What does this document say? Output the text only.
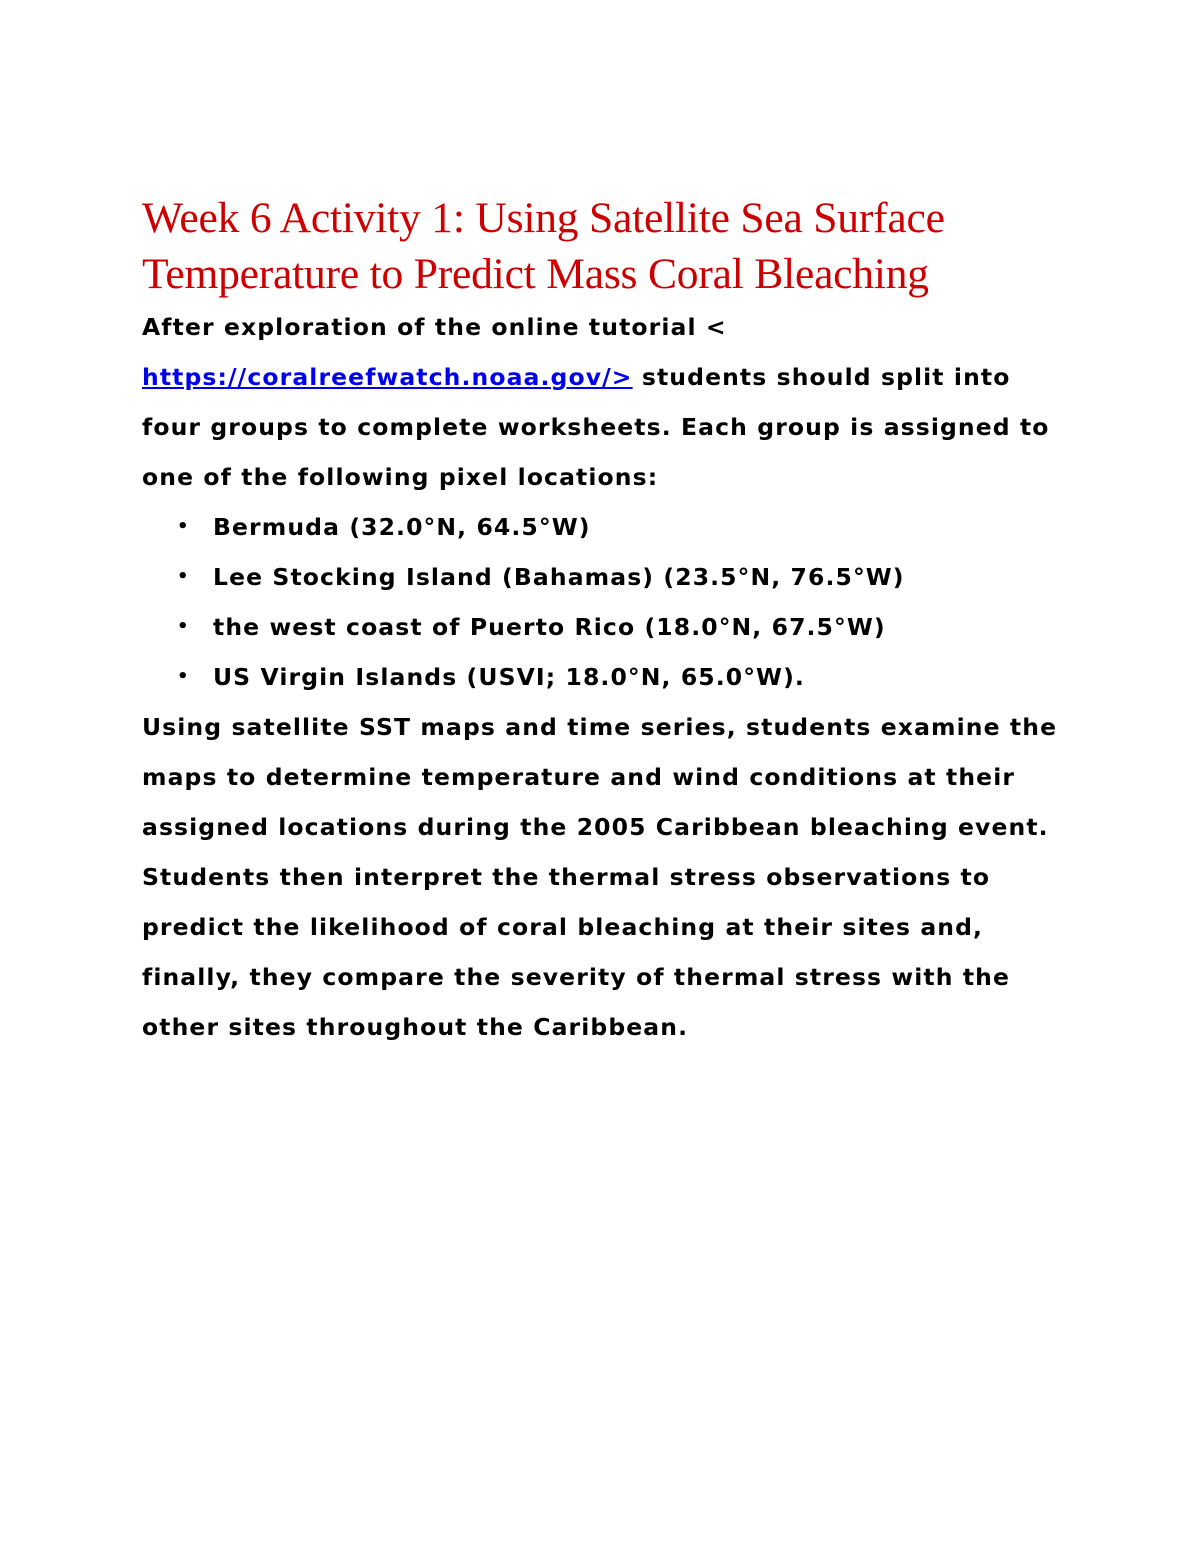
Week 6 Activity 1: Using Satellite Sea Surface
Temperature to Predict Mass Coral Bleaching

After exploration of the online tutorial <
https://coralreefwatch.noaa.gov/> students should split into four groups to complete worksheets. Each group is assigned to one of the following pixel locations:

• Bermuda (32.0°N, 64.5°W)
• Lee Stocking Island (Bahamas) (23.5°N, 76.5°W)
• the west coast of Puerto Rico (18.0°N, 67.5°W)
• US Virgin Islands (USVI; 18.0°N, 65.0°W).

Using satellite SST maps and time series, students examine the maps to determine temperature and wind conditions at their assigned locations during the 2005 Caribbean bleaching event. Students then interpret the thermal stress observations to predict the likelihood of coral bleaching at their sites and, finally, they compare the severity of thermal stress with the other sites throughout the Caribbean.
